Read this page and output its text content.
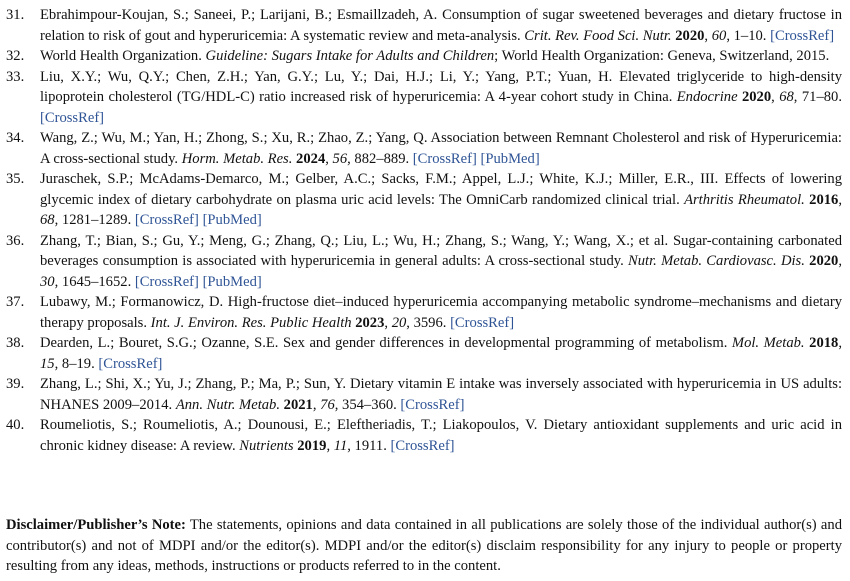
31. Ebrahimpour-Koujan, S.; Saneei, P.; Larijani, B.; Esmaillzadeh, A. Consumption of sugar sweetened beverages and dietary fructose in relation to risk of gout and hyperuricemia: A systematic review and meta-analysis. Crit. Rev. Food Sci. Nutr. 2020, 60, 1–10. [CrossRef]
32. World Health Organization. Guideline: Sugars Intake for Adults and Children; World Health Organization: Geneva, Switzerland, 2015.
33. Liu, X.Y.; Wu, Q.Y.; Chen, Z.H.; Yan, G.Y.; Lu, Y.; Dai, H.J.; Li, Y.; Yang, P.T.; Yuan, H. Elevated triglyceride to high-density lipoprotein cholesterol (TG/HDL-C) ratio increased risk of hyperuricemia: A 4-year cohort study in China. Endocrine 2020, 68, 71–80. [CrossRef]
34. Wang, Z.; Wu, M.; Yan, H.; Zhong, S.; Xu, R.; Zhao, Z.; Yang, Q. Association between Remnant Cholesterol and risk of Hyperuricemia: A cross-sectional study. Horm. Metab. Res. 2024, 56, 882–889. [CrossRef] [PubMed]
35. Juraschek, S.P.; McAdams-Demarco, M.; Gelber, A.C.; Sacks, F.M.; Appel, L.J.; White, K.J.; Miller, E.R., III. Effects of lowering glycemic index of dietary carbohydrate on plasma uric acid levels: The OmniCarb randomized clinical trial. Arthritis Rheumatol. 2016, 68, 1281–1289. [CrossRef] [PubMed]
36. Zhang, T.; Bian, S.; Gu, Y.; Meng, G.; Zhang, Q.; Liu, L.; Wu, H.; Zhang, S.; Wang, Y.; Wang, X.; et al. Sugar-containing carbonated beverages consumption is associated with hyperuricemia in general adults: A cross-sectional study. Nutr. Metab. Cardiovasc. Dis. 2020, 30, 1645–1652. [CrossRef] [PubMed]
37. Lubawy, M.; Formanowicz, D. High-fructose diet–induced hyperuricemia accompanying metabolic syndrome–mechanisms and dietary therapy proposals. Int. J. Environ. Res. Public Health 2023, 20, 3596. [CrossRef]
38. Dearden, L.; Bouret, S.G.; Ozanne, S.E. Sex and gender differences in developmental programming of metabolism. Mol. Metab. 2018, 15, 8–19. [CrossRef]
39. Zhang, L.; Shi, X.; Yu, J.; Zhang, P.; Ma, P.; Sun, Y. Dietary vitamin E intake was inversely associated with hyperuricemia in US adults: NHANES 2009–2014. Ann. Nutr. Metab. 2021, 76, 354–360. [CrossRef]
40. Roumeliotis, S.; Roumeliotis, A.; Dounousi, E.; Eleftheriadis, T.; Liakopoulos, V. Dietary antioxidant supplements and uric acid in chronic kidney disease: A review. Nutrients 2019, 11, 1911. [CrossRef]
Disclaimer/Publisher’s Note: The statements, opinions and data contained in all publications are solely those of the individual author(s) and contributor(s) and not of MDPI and/or the editor(s). MDPI and/or the editor(s) disclaim responsibility for any injury to people or property resulting from any ideas, methods, instructions or products referred to in the content.
